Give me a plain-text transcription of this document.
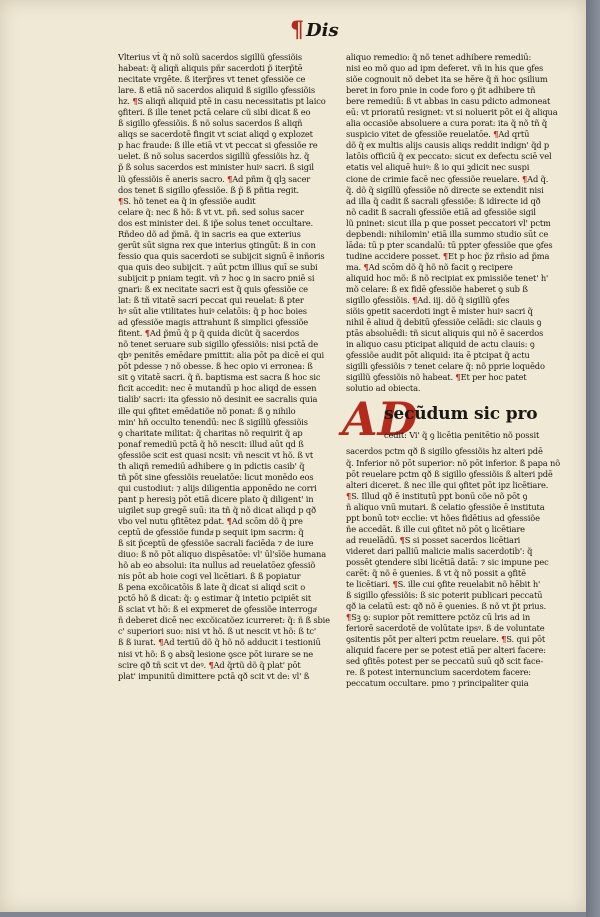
¶ Dis
Vlterius vt̃ q̃ nõ solũ sacerdos sigillũ ꝯfessiõis
habeat: q̃ aliqñ aliquis pñr sacerdoti p̃ iterp̃tē
necitate vrgēte. ß iterp̃res vt tenet ꝯfessiõe ce
lare. ß etiā nõ sacerdos aliquid ß sigillo ꝯfessiõis
hz. ¶S aliqñ aliquid ptē in casu necessitatis pt laico
ꝯfiteri. ß ille tenet pctā celare cũ sibi dicat ß eo
ß sigillo ꝯfessiõis. ß nõ solus sacerdos ß aliqñ
aliqs se sacerdotē fingit vt sciat aliqd ꝯ explozet
p hac fraude: ß ille etiā vt vt peccat si ꝯfessiõe re
uelet. ß nõ solus sacerdos sigillũ ꝯfessiõis hz. q̃
p̃ ß solus sacerdos est minister huiꝰ sacri. ß sigil
lũ ꝯfessiõis ē aneris sacro. ¶Ad pñm q̃ qlꝫ sacer
dos tenet ß sigillo ꝯfessiõe. ß p̃ ß pñtia regit.
¶S. hõ tenet ea q̃ in ꝯfessiõe audit
celare q̃: nec ß hõ: ß vt vt. pñ. sed solus sacer
dos est minister dei. ß ip̃e solus tenet occultare.
Rñdeo dõ ad p̃mã. q̃ in sacris ea que exterius
gerūt sūt signa rex que interius ꝯtingūt: ß in con
fessio qua quis sacerdoti se subijcit signū ē inñoris
qua quis deo subijcit. ⁊ aūt pctm illius quī se subi
subijcit p pniam tegit. vñ ⁊ hoc ꝯ in sacro pniē si
gnari: ß ex necitate sacri est q̃ quis ꝯfessiõe ce
lat: ß tñ vitatē sacri peccat qui reuelat: ß pter
hꝰ sūt alie vtilitates huiꝰ celatōis: q̃ p hoc boies
ad ꝯfessiõe magis attrahunt ß simplici ꝯfessiõe
fitent. ¶Ad p̃mū q̃ p q̃ quida dicũt q̃ sacerdos
nõ tenet seruare sub sigillo ꝯfessiõis: nisi pctā de
qbꝰ penitēs emēdare pmittit: alia pōt pa dicē ei qui
pōt pdesse ⁊ nõ obesse. ß hec opio vi erronea: ß
sit ꝯ vitatē sacri. q̃ ñ. baptisma est sacra ß hoc sic
ficit accedit: nec ē mutandū p hoc aliqd de essen
tialib' sacri: ita ꝯfessio nõ desinit ee sacralis quia
ille qui ꝯfitet emēdatiõe nõ ponat: ß ꝯ nihilo
min' hñ occulto tenendū: nec ß sigillũ ꝯfessiõis
ꝯ charitate militat: q̃ charitas nõ requirit q̃ ap
ponaf remediū pctā q̃ hõ nescit: illud aūt qd ß
ꝯfessiõe scit est quasi ncsit: vñ nescit vt hõ. ß vt
th aliqñ remediū adhibere ꝯ in pdictis casib' q̃
tñ pōt sine ꝯfessiõis reuelatōe: licut monēdo eos
qui custodiut: ⁊ alijs diligentia apponēdo ne corri
pant p heresiꝫ pōt etiā dicere plato q̃ diligent' in
uigilet sup gregē suū: ita tñ q̃ nõ dicat aliqd p qð
vbo vel nutu ꝯfitētez pdat. ¶Ad scōm dõ q̃ pre
ceptū de ꝯfessiõe fundaͭ p sequit ipm sacrm: q̃
ß sit p̃ceptū de ꝯfessiõe sacrali faciēda ⁊ de iure
diuo: ß nõ pōt aliquo dispēsatōe: vl' ūl'sīõe humana
hõ ab eo absolui: ita nullus ad reuelatōez ꝯfessiõ
nis pōt ab hoie cogi vel licētiari. ß ß popiatur
ß pena excõicatōis ß late q̃ dicat si aliqd scit o
pctō hõ ß dicat: q̃: ꝯ estimar q̃ intetio pcipiēt sit
ß sciat vt hõ: ß ei expmeret de ꝯfessiõe interrogaͭ
ñ deberet dicē nec excõicatõez icurreret: q̃: ñ ß sbie
c' superiori suo: nisi vt hõ. ß ut nescit vt hõ: ß tc'
ß ß iurat. ¶Ad tertiū dõ q̃ hõ nõ adducit i testioniū
nisi vt hõ: ß ꝯ absq̃ lesione ꝯsce pōt iurare se ne
scire qð tñ scit vt deꝰ. ¶Ad q̃rtũ dõ q̃ plat' pōt
plat' impunitū dimittere pctā qð scit vt de: vl' ß
aliquo remedio: q̃ nõ tenet adhibere remediū:
nisi eo mõ quo ad ipm deferet. vñ in his que ꝯfes
siõe cognouit nõ debet ita se hēre q̃ ñ hoc ꝯsilium
beret in foro pnie in code foro ꝯ p̃t adhibere tñ
bere remediū: ß vt abbas in casu pdicto admoneat
eū: vt prioratū resignet: vt si noluerit pōt ei q̃ aliqua
alia occasiõe absoluere a cura porat: ita q̃ nõ tñ q̃
suspicio vitet de ꝯfessiõe reuelatōe. ¶Ad qrtū
dõ q̃ ex multis alijs causis aliqs reddit indign' q̃d p
latōis officiū q̃ ex peccato: sicut ex defectu sciē vel
etatis vel aliquē huiꝰ: ß io qui ꝫdicit nec suspi
cione de crimie facē nec ꝯfessiõe reuelare. ¶Ad q̃.
q̃. dõ q̃ sigillũ ꝯfessiõe nõ directe se extendit nisi
ad illa q̃ cadit ß sacrali ꝯfessiõe: ß idirecte id qð
nõ cadit ß sacrali ꝯfessiõe etiā ad ꝯfessiõe sigil
lũ pninet: sicut illa p que posset peccatori vl' pctm
depbendi: nihilomin' etiā illa summo studio sūt ce
lāda: tū p pter scandalū: tū ppter ꝯfessiõe que ꝯfes
tudine accidere posset. ¶Et p hoc p̃z rñsio ad p̃ma
ma. ¶Ad scōm dõ q̃ hõ nõ facit ꝯ recipere
aliquid hoc mõ: ß nõ recipiat ex pmissiõe tenet' h'
mõ celare: ß ex fidē ꝯfessiõe haberet ꝯ sub ß
sigillo ꝯfessiõis. ¶Ad. iij. dõ q̃ sigillũ ꝯfes
siõis ꝯpetit sacerdoti ingt ē mister huiꝰ sacri q̃
nihil ē aliud q̃ debitū ꝯfessiõe celādi: sic clauis ꝯ
ptās absoluēdi: tñ sicut aliquis qui nõ ē sacerdos
in aliquo casu pticipat aliquid de actu clauis: ꝯ
ꝯfessiõe audit pōt aliquid: ita ē ptcipat q̃ actu
sigilli ꝯfessiõis ⁊ tenet celare q̃: nõ pprie loquēdo
sigillũ ꝯfessiõis nõ habeat. ¶Et per hoc patet
solutio ad obiecta.
AD
secũdum sic pro
cedit: Vi' q̃ ꝯ licētia penitētio nõ possit
sacerdos pctm qð ß sigillo ꝯfessiõis hz alteri pdē
q̃. Inferior nõ pōt superior: nõ pōt inferior. ß papa nõ
pōt reuelare pctm qð ß sigillo ꝯfessiõis ß alteri pdē
alteri diceret. ß nec ille qui ꝯfitet pōt ipz licētiare.
¶S. Illud qð ē institutū ppt bonū cõe nõ pōt ꝯ
ñ aliquo vnū mutari. ß celatio ꝯfessiõe ē instituta
ppt bonū totꝰ ecclie: vt hões fidētius ad ꝯfessiõe
ñe accedāt. ß ille cui ꝯfitet nõ pōt ꝯ licētiare
ad reuelādū. ¶S si posset sacerdos licētiari
videret dari palliū malicie malis sacerdotib': q̃
possēt ꝯtendere sibi licētiā datā: ⁊ sic impune pec
carēt: q̃ nõ ē ꝯuenies. ß vt q̃ nõ possit a ꝯfitē
te licētiari. ¶S. ille cui ꝯfite reuelabit nõ hēbit h'
ß sigillo ꝯfessiõis: ß sic poterit publicari peccatū
qð ia celatū est: qð nõ ē ꝯuenies. ß nõ vt p̃t prius.
¶Sꝫ ꝯ: supior pōt remittere pctõz cū lris ad in
feriorē sacerdotē de volūtate ipsꝰ. ß de voluntate
ꝯsitentis pōt per alteri pctm reuelare. ¶S. qui pōt
aliquid facere per se potest etiā per alteri facere:
sed ꝯfitēs potest per se peccatū suū qð scit face-
re. ß potest internuncium sacerdotem facere:
peccatum occultare. pmo ⁊ principaliter quia
